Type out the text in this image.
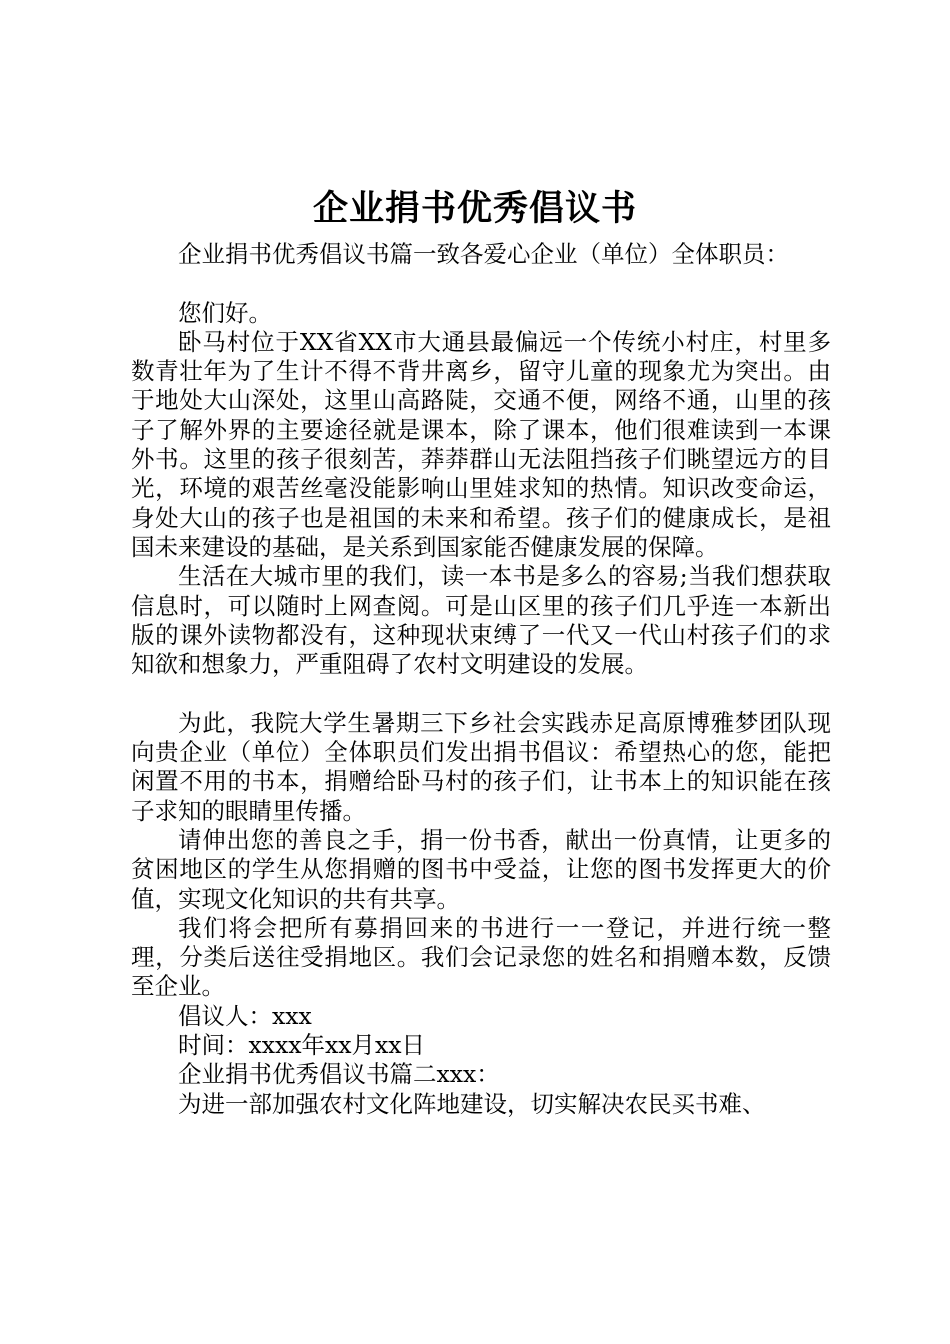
企业捐书优秀倡议书

企业捐书优秀倡议书篇一致各爱心企业（单位）全体职员：

您们好。

卧马村位于XX省XX市大通县最偏远一个传统小村庄，村里多数青壮年为了生计不得不背井离乡，留守儿童的现象尤为突出。由于地处大山深处，这里山高路陡，交通不便，网络不通，山里的孩子了解外界的主要途径就是课本，除了课本，他们很难读到一本课外书。这里的孩子很刻苦，莽莽群山无法阻挡孩子们眺望远方的目光，环境的艰苦丝毫没能影响山里娃求知的热情。知识改变命运，身处大山的孩子也是祖国的未来和希望。孩子们的健康成长，是祖国未来建设的基础，是关系到国家能否健康发展的保障。

生活在大城市里的我们，读一本书是多么的容易;当我们想获取信息时，可以随时上网查阅。可是山区里的孩子们几乎连一本新出版的课外读物都没有，这种现状束缚了一代又一代山村孩子们的求知欲和想象力，严重阻碍了农村文明建设的发展。

为此，我院大学生暑期三下乡社会实践赤足高原博雅梦团队现向贵企业（单位）全体职员们发出捐书倡议：希望热心的您，能把闲置不用的书本，捐赠给卧马村的孩子们，让书本上的知识能在孩子求知的眼睛里传播。

请伸出您的善良之手，捐一份书香，献出一份真情，让更多的贫困地区的学生从您捐赠的图书中受益，让您的图书发挥更大的价值，实现文化知识的共有共享。

我们将会把所有募捐回来的书进行一一登记，并进行统一整理，分类后送往受捐地区。我们会记录您的姓名和捐赠本数，反馈至企业。

倡议人：xxx

时间：xxxx年xx月xx日

企业捐书优秀倡议书篇二xxx：

为进一部加强农村文化阵地建设，切实解决农民买书难、
